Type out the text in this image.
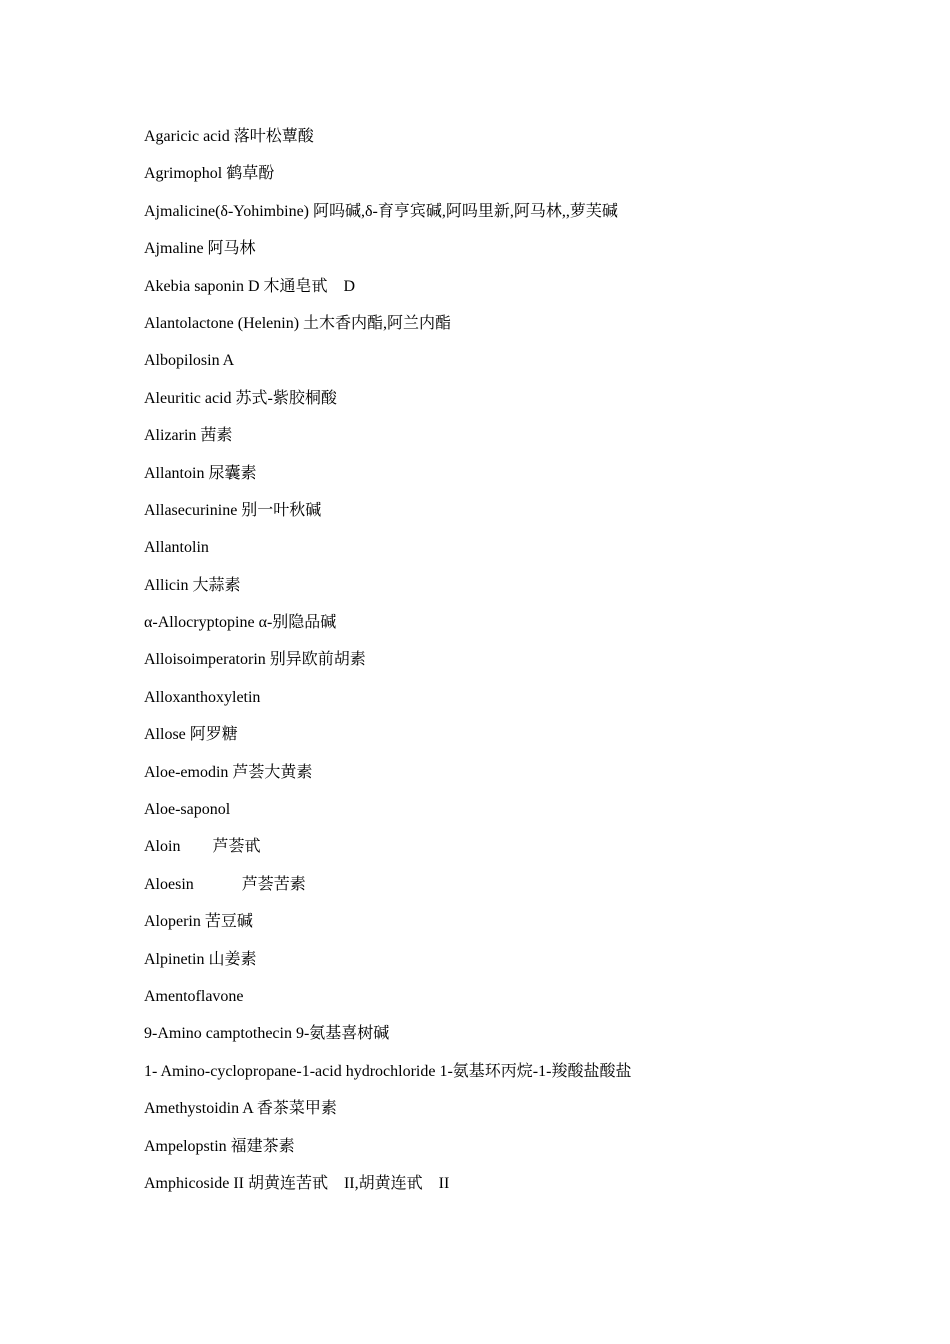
Agaricic acid 落叶松蕈酸
Agrimophol 鹤草酚
Ajmalicine(δ-Yohimbine) 阿吗碱,δ-育亨宾碱,阿吗里新,阿马林,,萝芙碱
Ajmaline 阿马林
Akebia saponin D 木通皂甙　D
Alantolactone (Helenin) 土木香内酯,阿兰内酯
Albopilosin A
Aleuritic acid 苏式-紫胶桐酸
Alizarin 茜素
Allantoin 尿囊素
Allasecurinine 别一叶秋碱
Allantolin
Allicin 大蒜素
α-Allocryptopine α-别隐品碱
Alloisoimperatorin 别异欧前胡素
Alloxanthoxyletin
Allose 阿罗糖
Aloe-emodin 芦荟大黄素
Aloe-saponol
Aloin　　芦荟甙
Aloesin　　　芦荟苦素
Aloperin 苦豆碱
Alpinetin 山姜素
Amentoflavone
9-Amino camptothecin 9-氨基喜树碱
1- Amino-cyclopropane-1-acid hydrochloride 1-氨基环丙烷-1-羧酸盐酸盐
Amethystoidin A 香茶菜甲素
Ampelopstin 福建茶素
Amphicoside II 胡黄连苦甙　II,胡黄连甙　II
